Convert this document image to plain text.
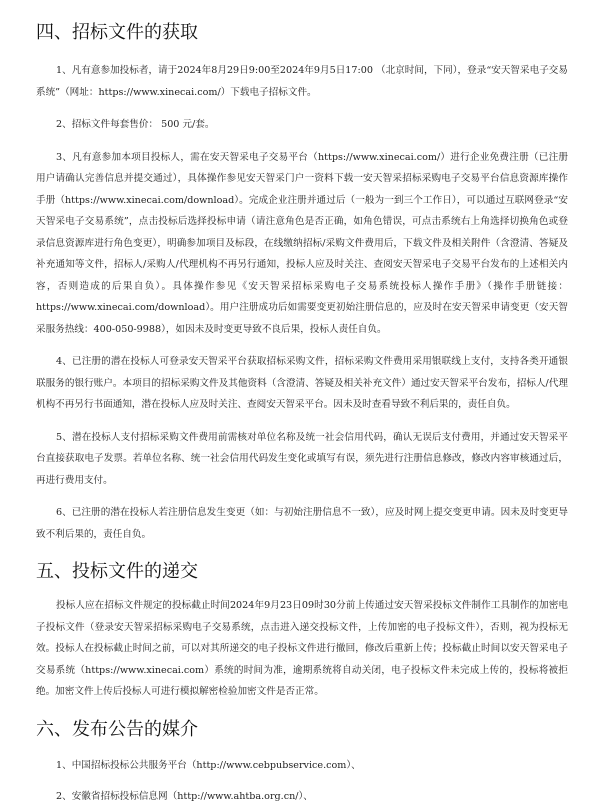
四、招标文件的获取

1、凡有意参加投标者，请于2024年8月29日9:00至2024年9月5日17:00 （北京时间，下同），登录“安天智采电子交易系统”（网址：https://www.xinecai.com/）下载电子招标文件。

2、招标文件每套售价： 500 元/套。

3、凡有意参加本项目投标人，需在安天智采电子交易平台（https://www.xinecai.com/）进行企业免费注册（已注册用户请确认完善信息并提交通过），具体操作参见安天智采门户一资料下载一安天智采招标采购电子交易平台信息资源库操作手册（https://www.xinecai.com/download）。完成企业注册并通过后（一般为一到三个工作日），可以通过互联网登录“安天智采电子交易系统”，点击投标后选择投标申请（请注意角色是否正确，如角色错误，可点击系统右上角选择切换角色或登录信息资源库进行角色变更），明确参加项目及标段，在线缴纳招标/采购文件费用后，下载文件及相关附件（含澄清、答疑及补充通知等文件，招标人/采购人/代理机构不再另行通知，投标人应及时关注、查阅安天智采电子交易平台发布的上述相关内容，否则造成的后果自负）。具体操作参见《安天智采招标采购电子交易系统投标人操作手册》（操作手册链接：https://www.xinecai.com/download）。用户注册成功后如需要变更初始注册信息的，应及时在安天智采申请变更（安天智采服务热线：400-050-9988），如因未及时变更导致不良后果，投标人责任自负。

4、已注册的潜在投标人可登录安天智采平台获取招标采购文件，招标采购文件费用采用银联线上支付，支持各类开通银联服务的银行账户。本项目的招标采购文件及其他资料（含澄清、答疑及相关补充文件）通过安天智采平台发布，招标人/代理机构不再另行书面通知，潜在投标人应及时关注、查阅安天智采平台。因未及时查看导致不利后果的，责任自负。

5、潜在投标人支付招标采购文件费用前需核对单位名称及统一社会信用代码，确认无误后支付费用，并通过安天智采平台直接获取电子发票。若单位名称、统一社会信用代码发生变化或填写有误，须先进行注册信息修改，修改内容审核通过后，再进行费用支付。

6、已注册的潜在投标人若注册信息发生变更（如：与初始注册信息不一致），应及时网上提交变更申请。因未及时变更导致不利后果的，责任自负。

五、投标文件的递交

投标人应在招标文件规定的投标截止时间2024年9月23日09时30分前上传通过安天智采投标文件制作工具制作的加密电子投标文件（登录安天智采招标采购电子交易系统，点击进入递交投标文件，上传加密的电子投标文件），否则，视为投标无效。投标人在投标截止时间之前，可以对其所递交的电子投标文件进行撤回，修改后重新上传；投标截止时间以安天智采电子交易系统（https://www.xinecai.com）系统的时间为准，逾期系统将自动关闭，电子投标文件未完成上传的，投标将被拒绝。加密文件上传后投标人可进行模拟解密检验加密文件是否正常。

六、发布公告的媒介

1、中国招标投标公共服务平台（http://www.cebpubservice.com）、

2、安徽省招标投标信息网（http://www.ahtba.org.cn/）、
